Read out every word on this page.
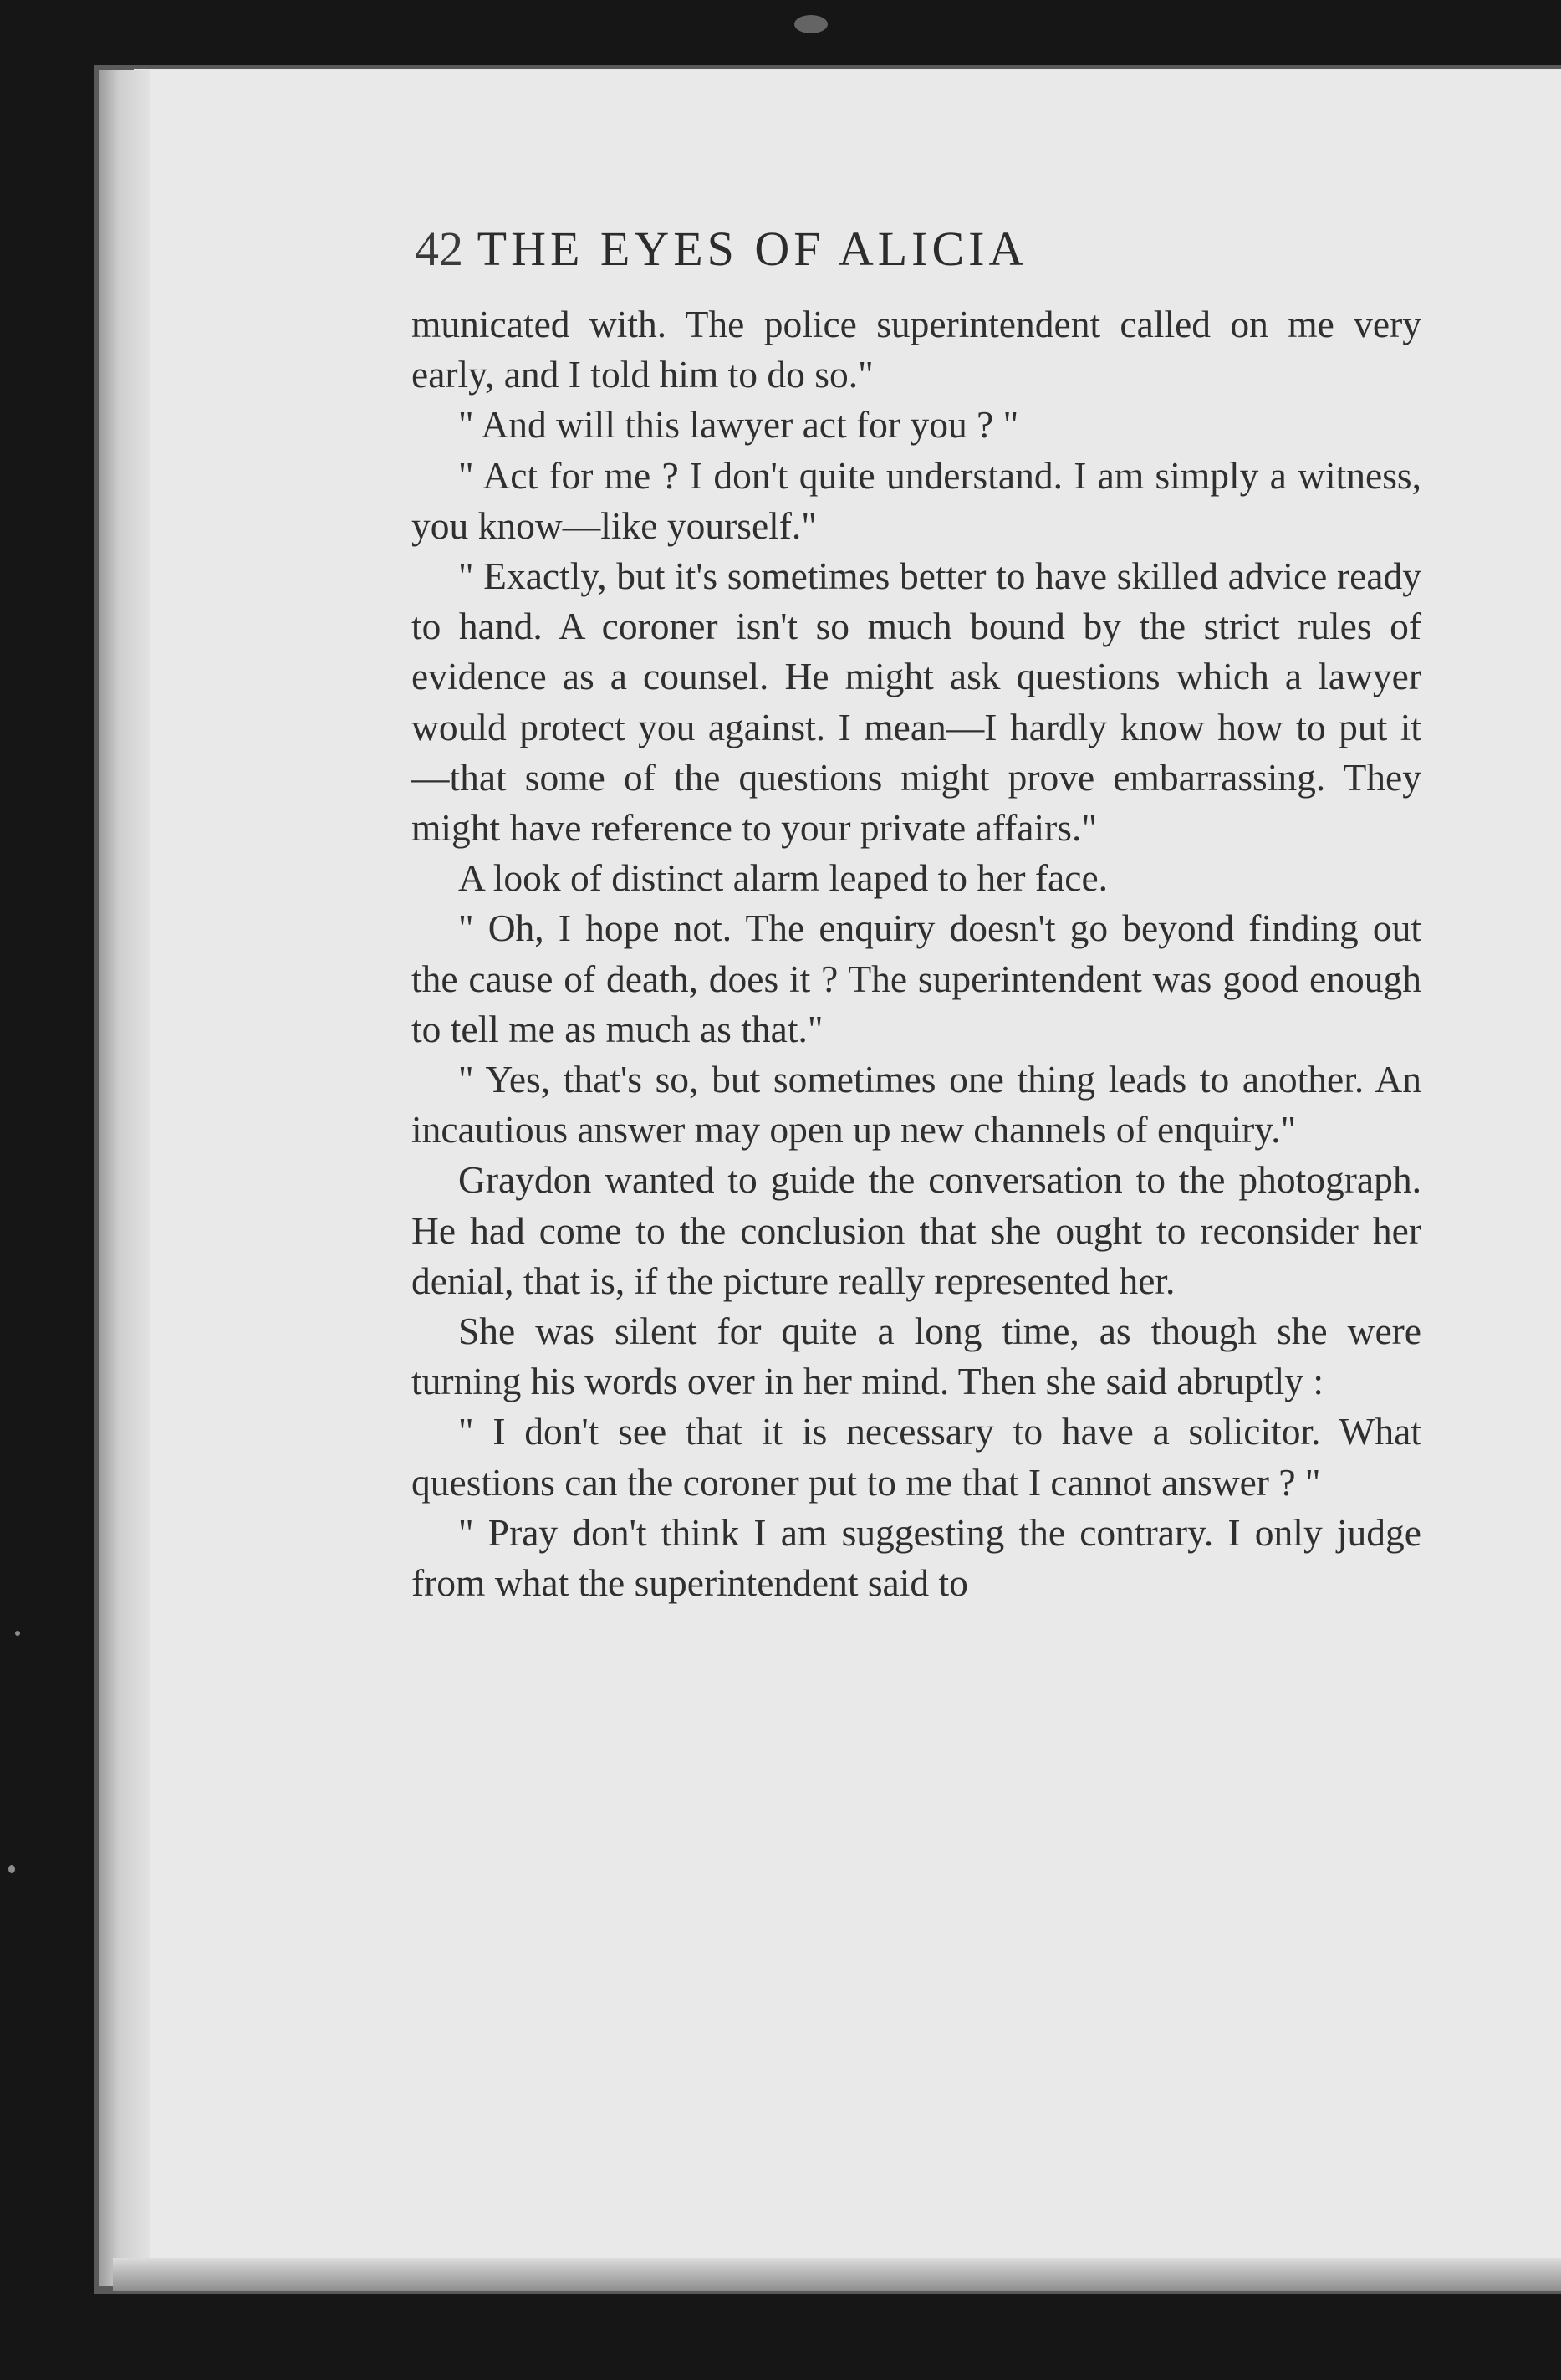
42 THE EYES OF ALICIA

municated with. The police superintendent called on me very early, and I told him to do so."

" And will this lawyer act for you ? "

" Act for me ? I don't quite understand. I am simply a witness, you know—like yourself."

" Exactly, but it's sometimes better to have skilled advice ready to hand. A coroner isn't so much bound by the strict rules of evidence as a counsel. He might ask questions which a lawyer would protect you against. I mean—I hardly know how to put it—that some of the questions might prove embarrassing. They might have reference to your private affairs."

A look of distinct alarm leaped to her face.

" Oh, I hope not. The enquiry doesn't go beyond finding out the cause of death, does it ? The superintendent was good enough to tell me as much as that."

" Yes, that's so, but sometimes one thing leads to another. An incautious answer may open up new channels of enquiry."

Graydon wanted to guide the conversation to the photograph. He had come to the conclusion that she ought to reconsider her denial, that is, if the picture really represented her.

She was silent for quite a long time, as though she were turning his words over in her mind. Then she said abruptly :

" I don't see that it is necessary to have a solicitor. What questions can the coroner put to me that I cannot answer ? "

" Pray don't think I am suggesting the contrary. I only judge from what the superintendent said to
